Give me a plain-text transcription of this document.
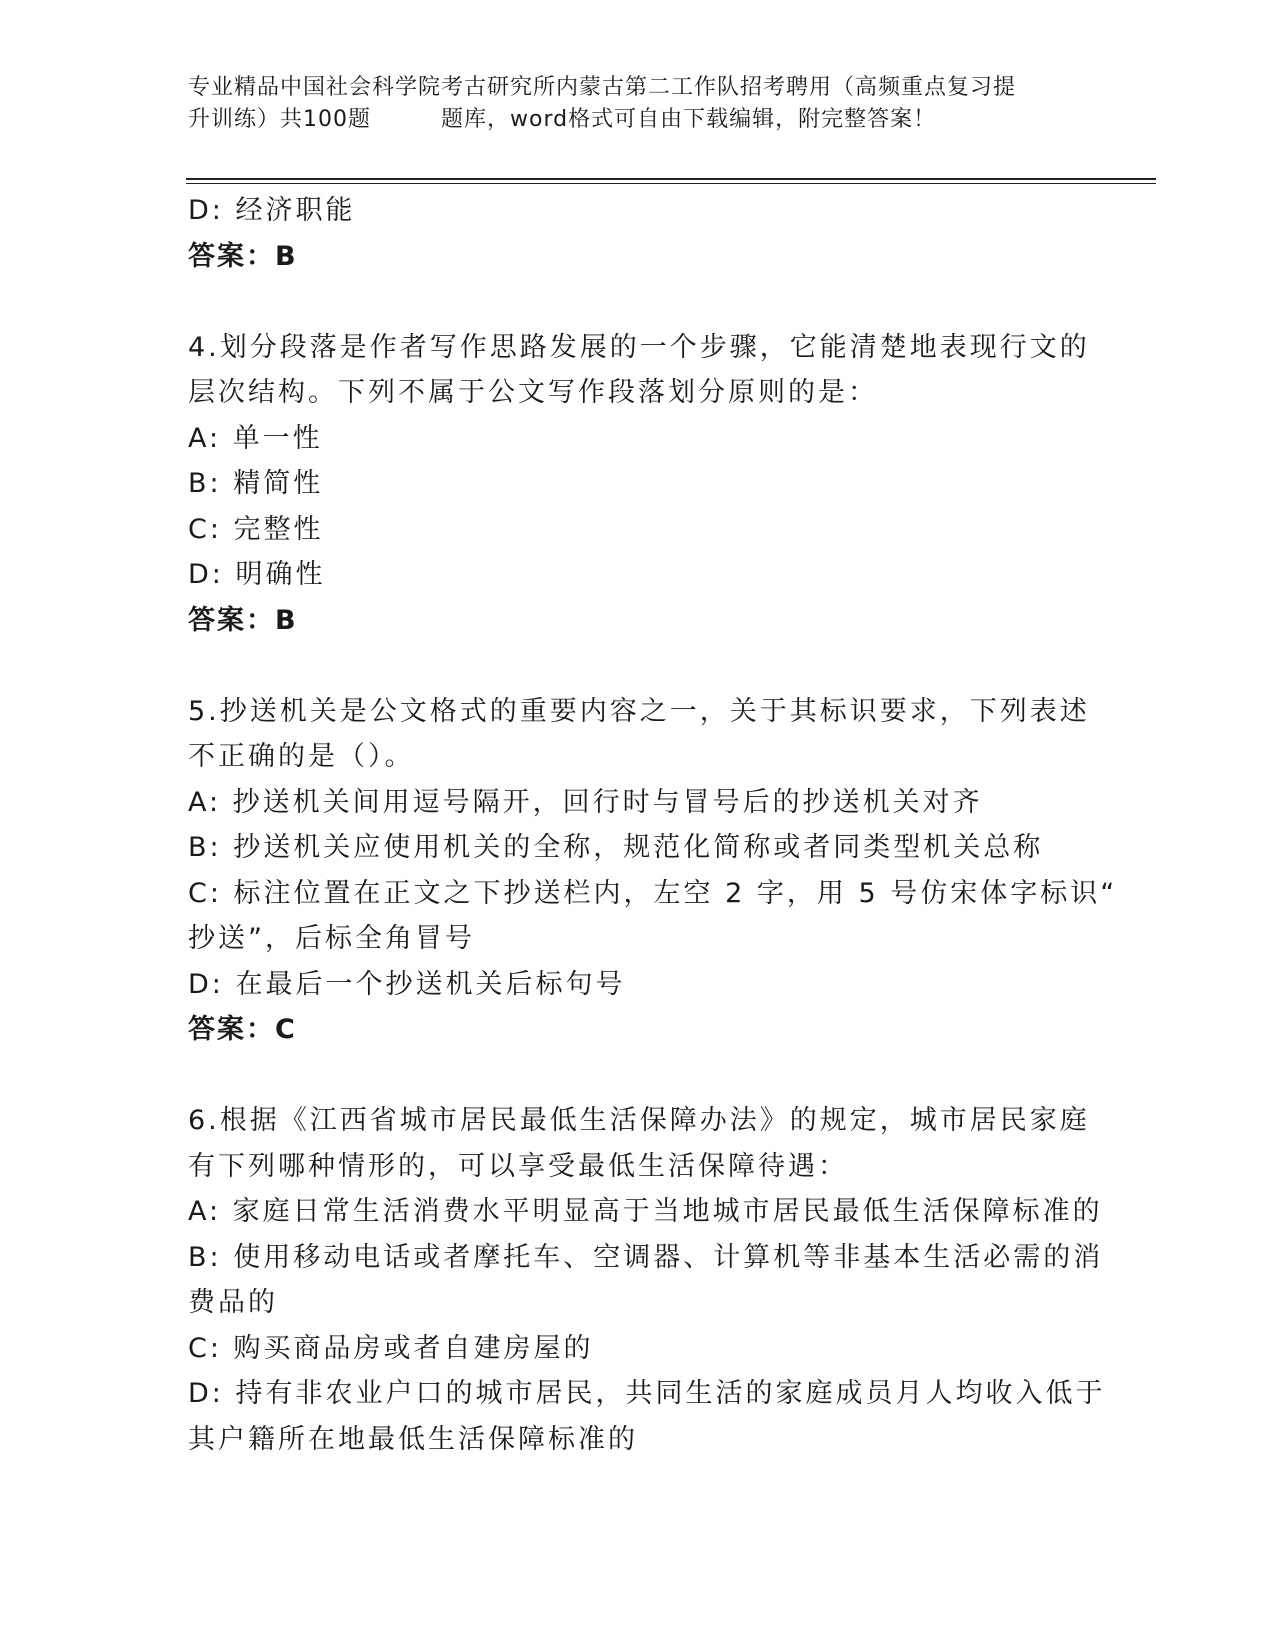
专业精品中国社会科学院考古研究所内蒙古第二工作队招考聘用（高频重点复习提
升训练）共100题	题库，word格式可自由下载编辑，附完整答案！
D: 经济职能
答案：B
4.划分段落是作者写作思路发展的一个步骤，它能清楚地表现行文的
层次结构。下列不属于公文写作段落划分原则的是：
A: 单一性
B: 精简性
C: 完整性
D: 明确性
答案：B
5.抄送机关是公文格式的重要内容之一，关于其标识要求，下列表述
不正确的是（）。
A: 抄送机关间用逗号隔开，回行时与冒号后的抄送机关对齐
B: 抄送机关应使用机关的全称，规范化简称或者同类型机关总称
C: 标注位置在正文之下抄送栏内，左空 2 字，用 5 号仿宋体字标识“
抄送”，后标全角冒号
D: 在最后一个抄送机关后标句号
答案：C
6.根据《江西省城市居民最低生活保障办法》的规定，城市居民家庭
有下列哪种情形的，可以享受最低生活保障待遇：
A: 家庭日常生活消费水平明显高于当地城市居民最低生活保障标准的
B: 使用移动电话或者摩托车、空调器、计算机等非基本生活必需的消
费品的
C: 购买商品房或者自建房屋的
D: 持有非农业户口的城市居民，共同生活的家庭成员月人均收入低于
其户籍所在地最低生活保障标准的
